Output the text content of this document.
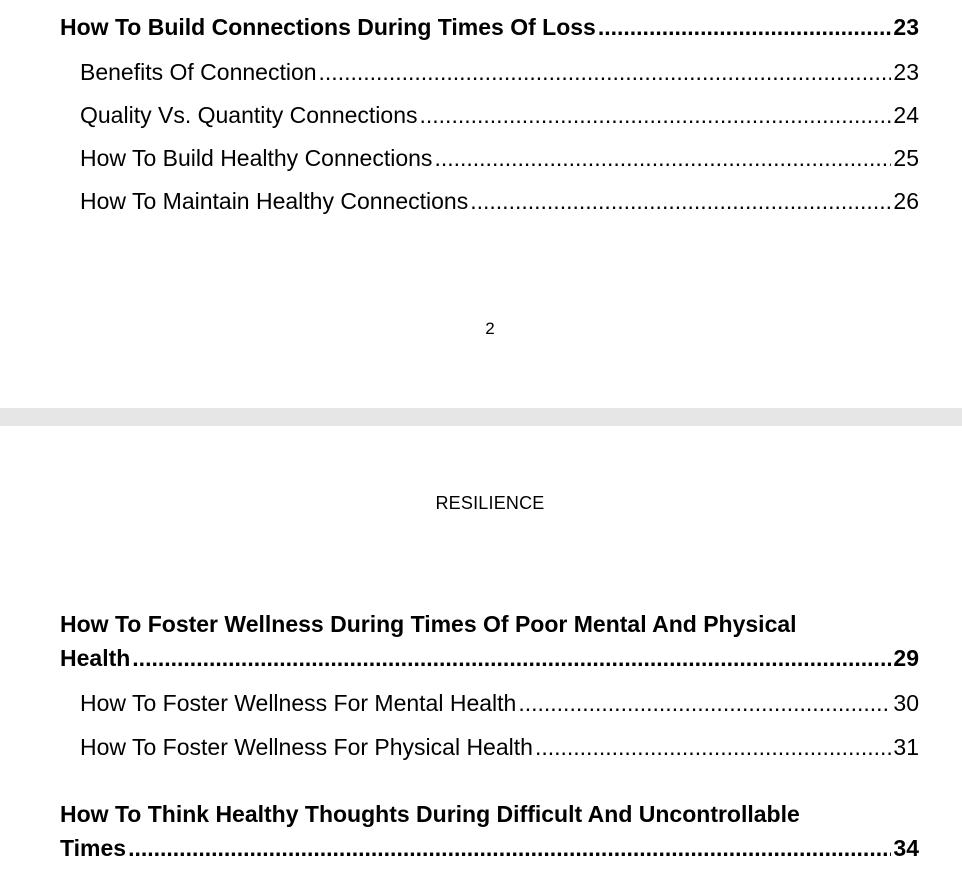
How To Build Connections During Times Of Loss .....	23
Benefits Of Connection .....	23
Quality Vs. Quantity Connections .....	24
How To Build Healthy Connections .....	25
How To Maintain Healthy Connections .....	26
2
RESILIENCE
How To Foster Wellness During Times Of Poor Mental And Physical
Health .....	29
How To Foster Wellness For Mental Health .....	30
How To Foster Wellness For Physical Health .....	31
How To Think Healthy Thoughts During Difficult And Uncontrollable
Times .....	34
